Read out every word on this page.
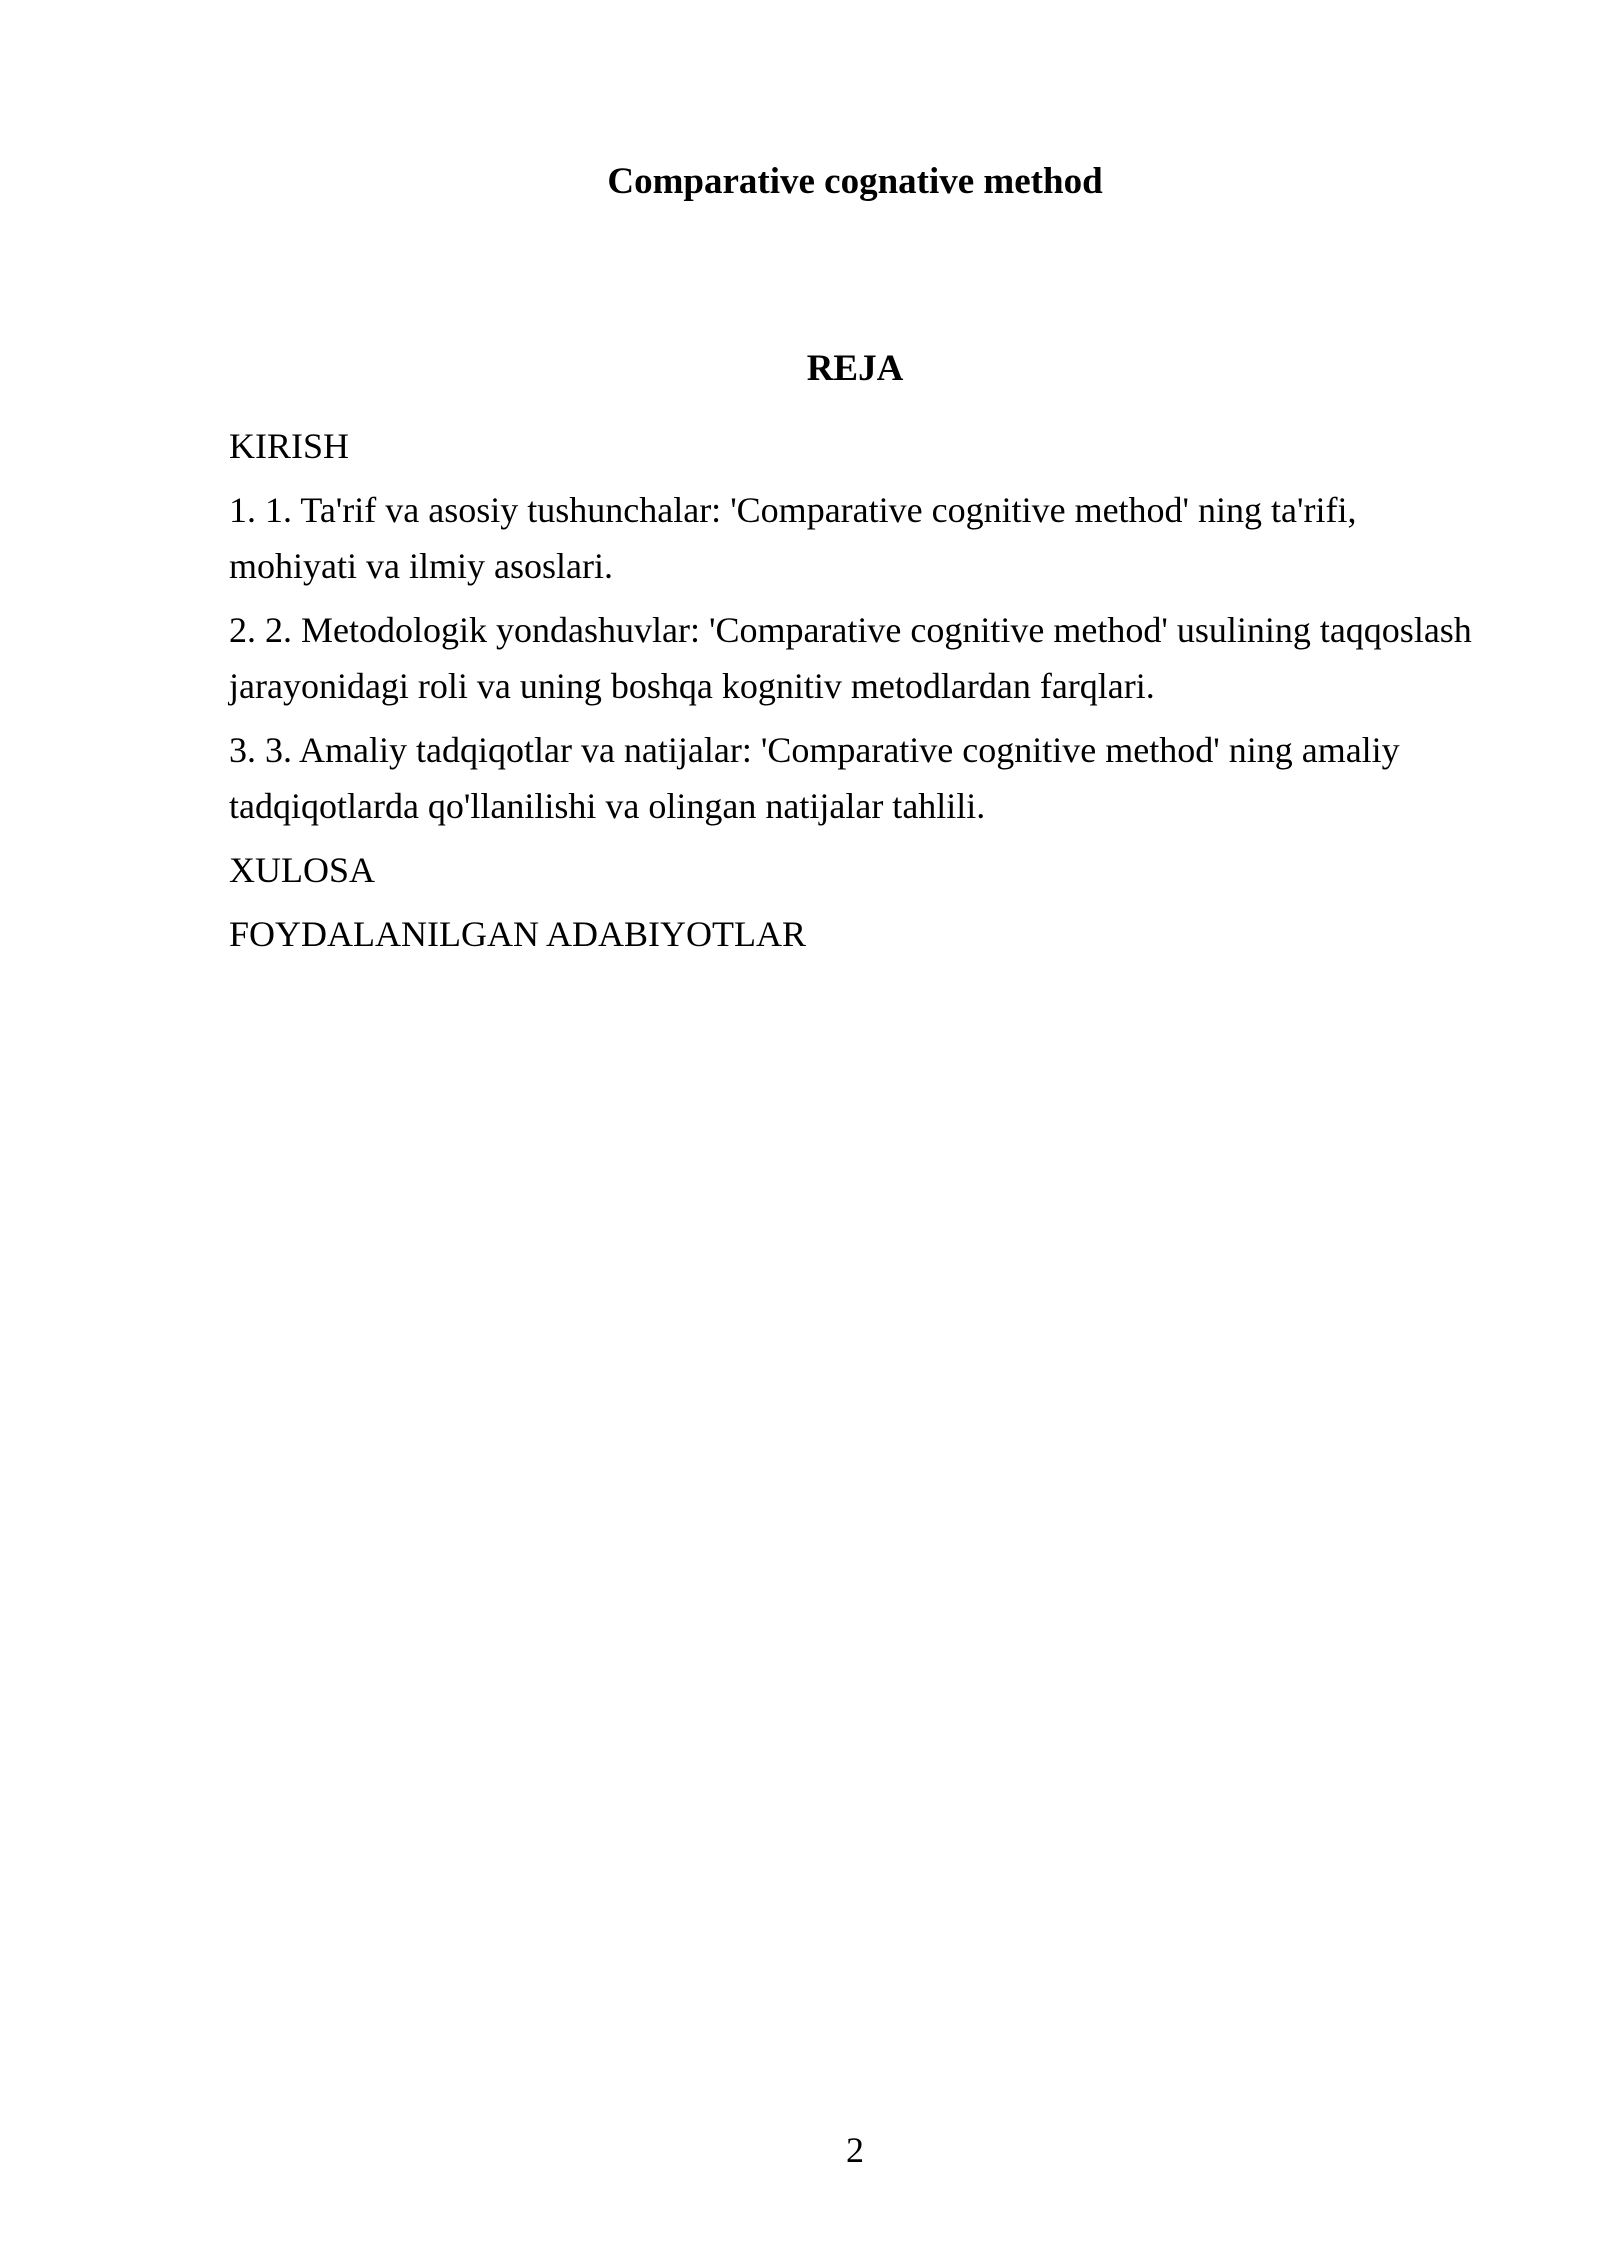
Comparative cognative method
REJA
KIRISH
1. 1. Ta'rif va asosiy tushunchalar: 'Comparative cognitive method' ning ta'rifi, mohiyati va ilmiy asoslari.
2. 2. Metodologik yondashuvlar: 'Comparative cognitive method' usulining taqqoslash jarayonidagi roli va uning boshqa kognitiv metodlardan farqlari.
3. 3. Amaliy tadqiqotlar va natijalar: 'Comparative cognitive method' ning amaliy tadqiqotlarda qo'llanilishi va olingan natijalar tahlili.
XULOSA
FOYDALANILGAN ADABIYOTLAR
2
